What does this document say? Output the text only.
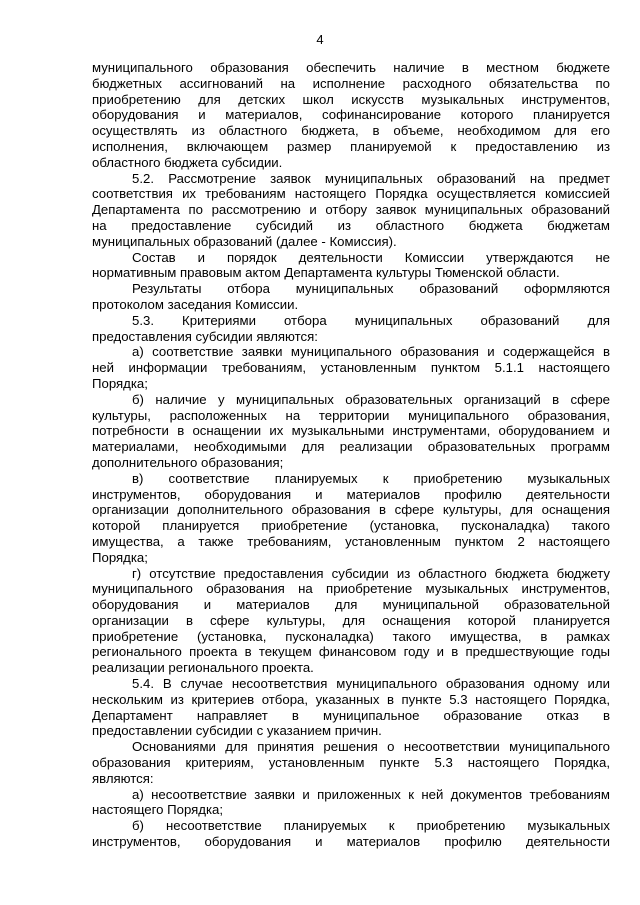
4
муниципального образования обеспечить наличие в местном бюджете
бюджетных ассигнований на исполнение расходного обязательства по
приобретению для детских школ искусств музыкальных инструментов,
оборудования и материалов, софинансирование которого планируется
осуществлять из областного бюджета, в объеме, необходимом для его
исполнения, включающем размер планируемой к предоставлению из
областного бюджета субсидии.
5.2. Рассмотрение заявок муниципальных образований на предмет
соответствия их требованиям настоящего Порядка осуществляется комиссией
Департамента по рассмотрению и отбору заявок муниципальных образований
на предоставление субсидий из областного бюджета бюджетам
муниципальных образований (далее - Комиссия).
Состав и порядок деятельности Комиссии утверждаются не
нормативным правовым актом Департамента культуры Тюменской области.
Результаты отбора муниципальных образований оформляются
протоколом заседания Комиссии.
5.3. Критериями отбора муниципальных образований для
предоставления субсидии являются:
а) соответствие заявки муниципального образования и содержащейся в
ней информации требованиям, установленным пунктом 5.1.1 настоящего
Порядка;
б) наличие у муниципальных образовательных организаций в сфере
культуры, расположенных на территории муниципального образования,
потребности в оснащении их музыкальными инструментами, оборудованием и
материалами, необходимыми для реализации образовательных программ
дополнительного образования;
в) соответствие планируемых к приобретению музыкальных
инструментов, оборудования и материалов профилю деятельности
организации дополнительного образования в сфере культуры, для оснащения
которой планируется приобретение (установка, пусконаладка) такого
имущества, а также требованиям, установленным пунктом 2 настоящего
Порядка;
г) отсутствие предоставления субсидии из областного бюджета бюджету
муниципального образования на приобретение музыкальных инструментов,
оборудования и материалов для муниципальной образовательной
организации в сфере культуры, для оснащения которой планируется
приобретение (установка, пусконаладка) такого имущества, в рамках
регионального проекта в текущем финансовом году и в предшествующие годы
реализации регионального проекта.
5.4. В случае несоответствия муниципального образования одному или
нескольким из критериев отбора, указанных в пункте 5.3 настоящего Порядка,
Департамент направляет в муниципальное образование отказ в
предоставлении субсидии с указанием причин.
Основаниями для принятия решения о несоответствии муниципального
образования критериям, установленным пункте 5.3 настоящего Порядка,
являются:
а) несоответствие заявки и приложенных к ней документов требованиям
настоящего Порядка;
б) несоответствие планируемых к приобретению музыкальных
инструментов, оборудования и материалов профилю деятельности
